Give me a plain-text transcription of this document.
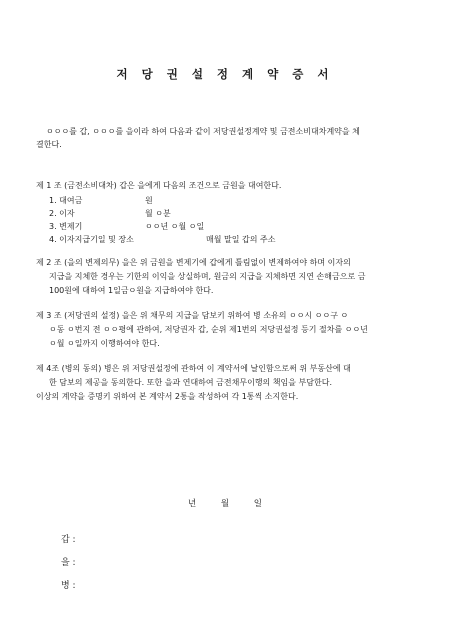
저 당 권 설 정 계 약 증 서
ㅇㅇㅇ를 갑, ㅇㅇㅇ를 을이라 하여 다음과 같이 저당권설정계약 및 금전소비대차계약을 체
결한다.
제 1 조 (금전소비대차) 갑은 을에게 다음의 조건으로 금원을 대여한다.
1. 대여금	원
2. 이자	월 ㅇ분
3. 변제기	ㅇㅇ년 ㅇ월 ㅇ일
4. 이자지급기일 및 장소	매월 말일 갑의 주소
제 2 조 (을의 변제의무) 을은 위 금원을 변제기에 갑에게 틀림없이 변제하여야 하며 이자의
지급을 지체한 경우는 기한의 이익을 상실하며, 원금의 지급을 지체하면 지연 손해금으로 금
100원에 대하여 1일금ㅇ원을 지급하여야 한다.
제 3 조 (저당권의 설정) 을은 위 채무의 지급을 담보키 위하여 병 소유의 ㅇㅇ시 ㅇㅇ구 ㅇ
ㅇ동 ㅇ번지 전 ㅇㅇ평에 관하여, 저당권자 갑, 순위 제1번의 저당권설정 등기 절차를 ㅇㅇ년
ㅇ월 ㅇ일까지 이행하여야 한다.
제 4조 (병의 동의) 병은 위 저당권설정에 관하여 이 계약서에 날인함으로써 위 부동산에 대
한 담보의 제공을 동의한다. 또한 을과 연대하여 금전채무이행의 책임을 부담한다.
이상의 계약을 증명키 위하여 본 계약서 2통을 작성하여 각 1통씩 소지한다.
년 월 일
갑 :
을 :
병 :
